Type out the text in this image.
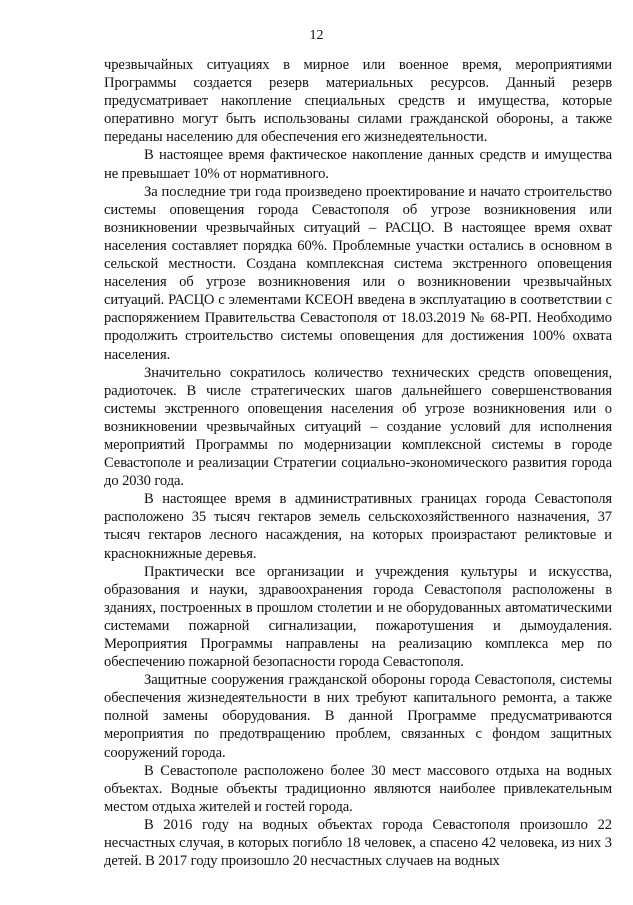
12

чрезвычайных ситуациях в мирное или военное время, мероприятиями Программы создается резерв материальных ресурсов. Данный резерв предусматривает накопление специальных средств и имущества, которые оперативно могут быть использованы силами гражданской обороны, а также переданы населению для обеспечения его жизнедеятельности.

В настоящее время фактическое накопление данных средств и имущества не превышает 10% от нормативного.

За последние три года произведено проектирование и начато строительство системы оповещения города Севастополя об угрозе возникновения или возникновении чрезвычайных ситуаций – РАСЦО. В настоящее время охват населения составляет порядка 60%. Проблемные участки остались в основном в сельской местности. Создана комплексная система экстренного оповещения населения об угрозе возникновения или о возникновении чрезвычайных ситуаций. РАСЦО с элементами КСЕОН введена в эксплуатацию в соответствии с распоряжением Правительства Севастополя от 18.03.2019 № 68-РП. Необходимо продолжить строительство системы оповещения для достижения 100% охвата населения.

Значительно сократилось количество технических средств оповещения, радиоточек. В числе стратегических шагов дальнейшего совершенствования системы экстренного оповещения населения об угрозе возникновения или о возникновении чрезвычайных ситуаций – создание условий для исполнения мероприятий Программы по модернизации комплексной системы в городе Севастополе и реализации Стратегии социально-экономического развития города до 2030 года.

В настоящее время в административных границах города Севастополя расположено 35 тысяч гектаров земель сельскохозяйственного назначения, 37 тысяч гектаров лесного насаждения, на которых произрастают реликтовые и краснокнижные деревья.

Практически все организации и учреждения культуры и искусства, образования и науки, здравоохранения города Севастополя расположены в зданиях, построенных в прошлом столетии и не оборудованных автоматическими системами пожарной сигнализации, пожаротушения и дымоудаления. Мероприятия Программы направлены на реализацию комплекса мер по обеспечению пожарной безопасности города Севастополя.

Защитные сооружения гражданской обороны города Севастополя, системы обеспечения жизнедеятельности в них требуют капитального ремонта, а также полной замены оборудования. В данной Программе предусматриваются мероприятия по предотвращению проблем, связанных с фондом защитных сооружений города.

В Севастополе расположено более 30 мест массового отдыха на водных объектах. Водные объекты традиционно являются наиболее привлекательным местом отдыха жителей и гостей города.

В 2016 году на водных объектах города Севастополя произошло 22 несчастных случая, в которых погибло 18 человек, а спасено 42 человека, из них 3 детей. В 2017 году произошло 20 несчастных случаев на водных
